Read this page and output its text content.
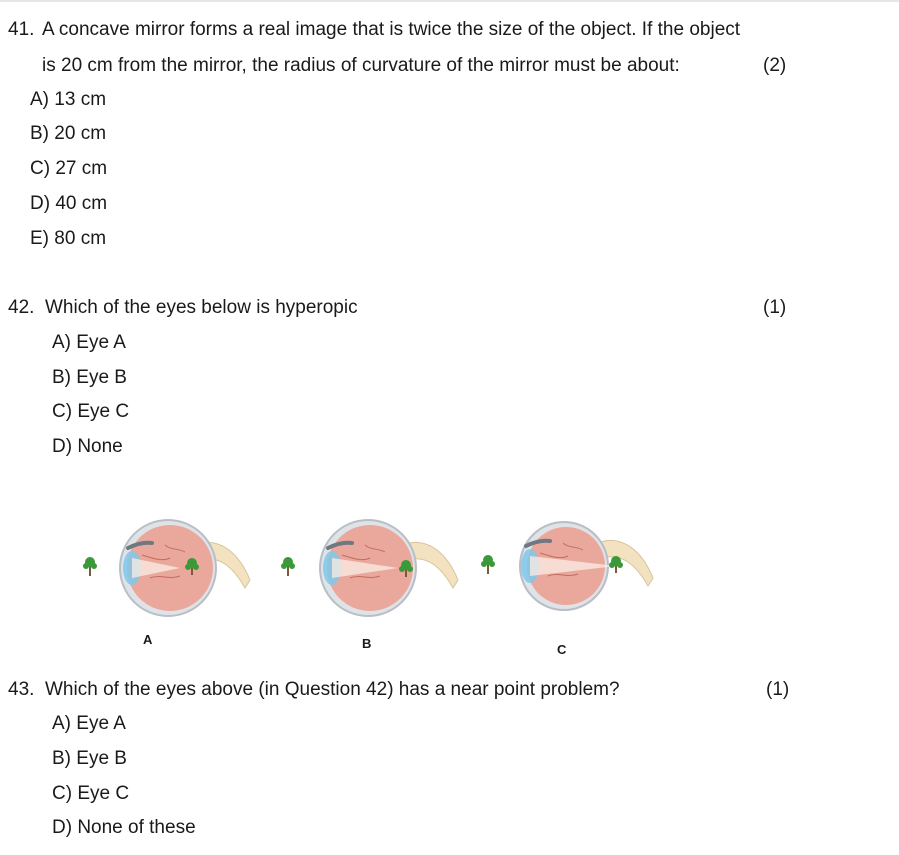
41. A concave mirror forms a real image that is twice the size of the object. If the object
is 20 cm from the mirror, the radius of curvature of the mirror must be about:	(2)
A) 13 cm
B) 20 cm
C) 27 cm
D) 40 cm
E) 80 cm
42. Which of the eyes below is hyperopic	(1)
A) Eye A
B) Eye B
C) Eye C
D) None
A	B	C
43. Which of the eyes above (in Question 42) has a near point problem?	(1)
A) Eye A
B) Eye B
C) Eye C
D) None of these
